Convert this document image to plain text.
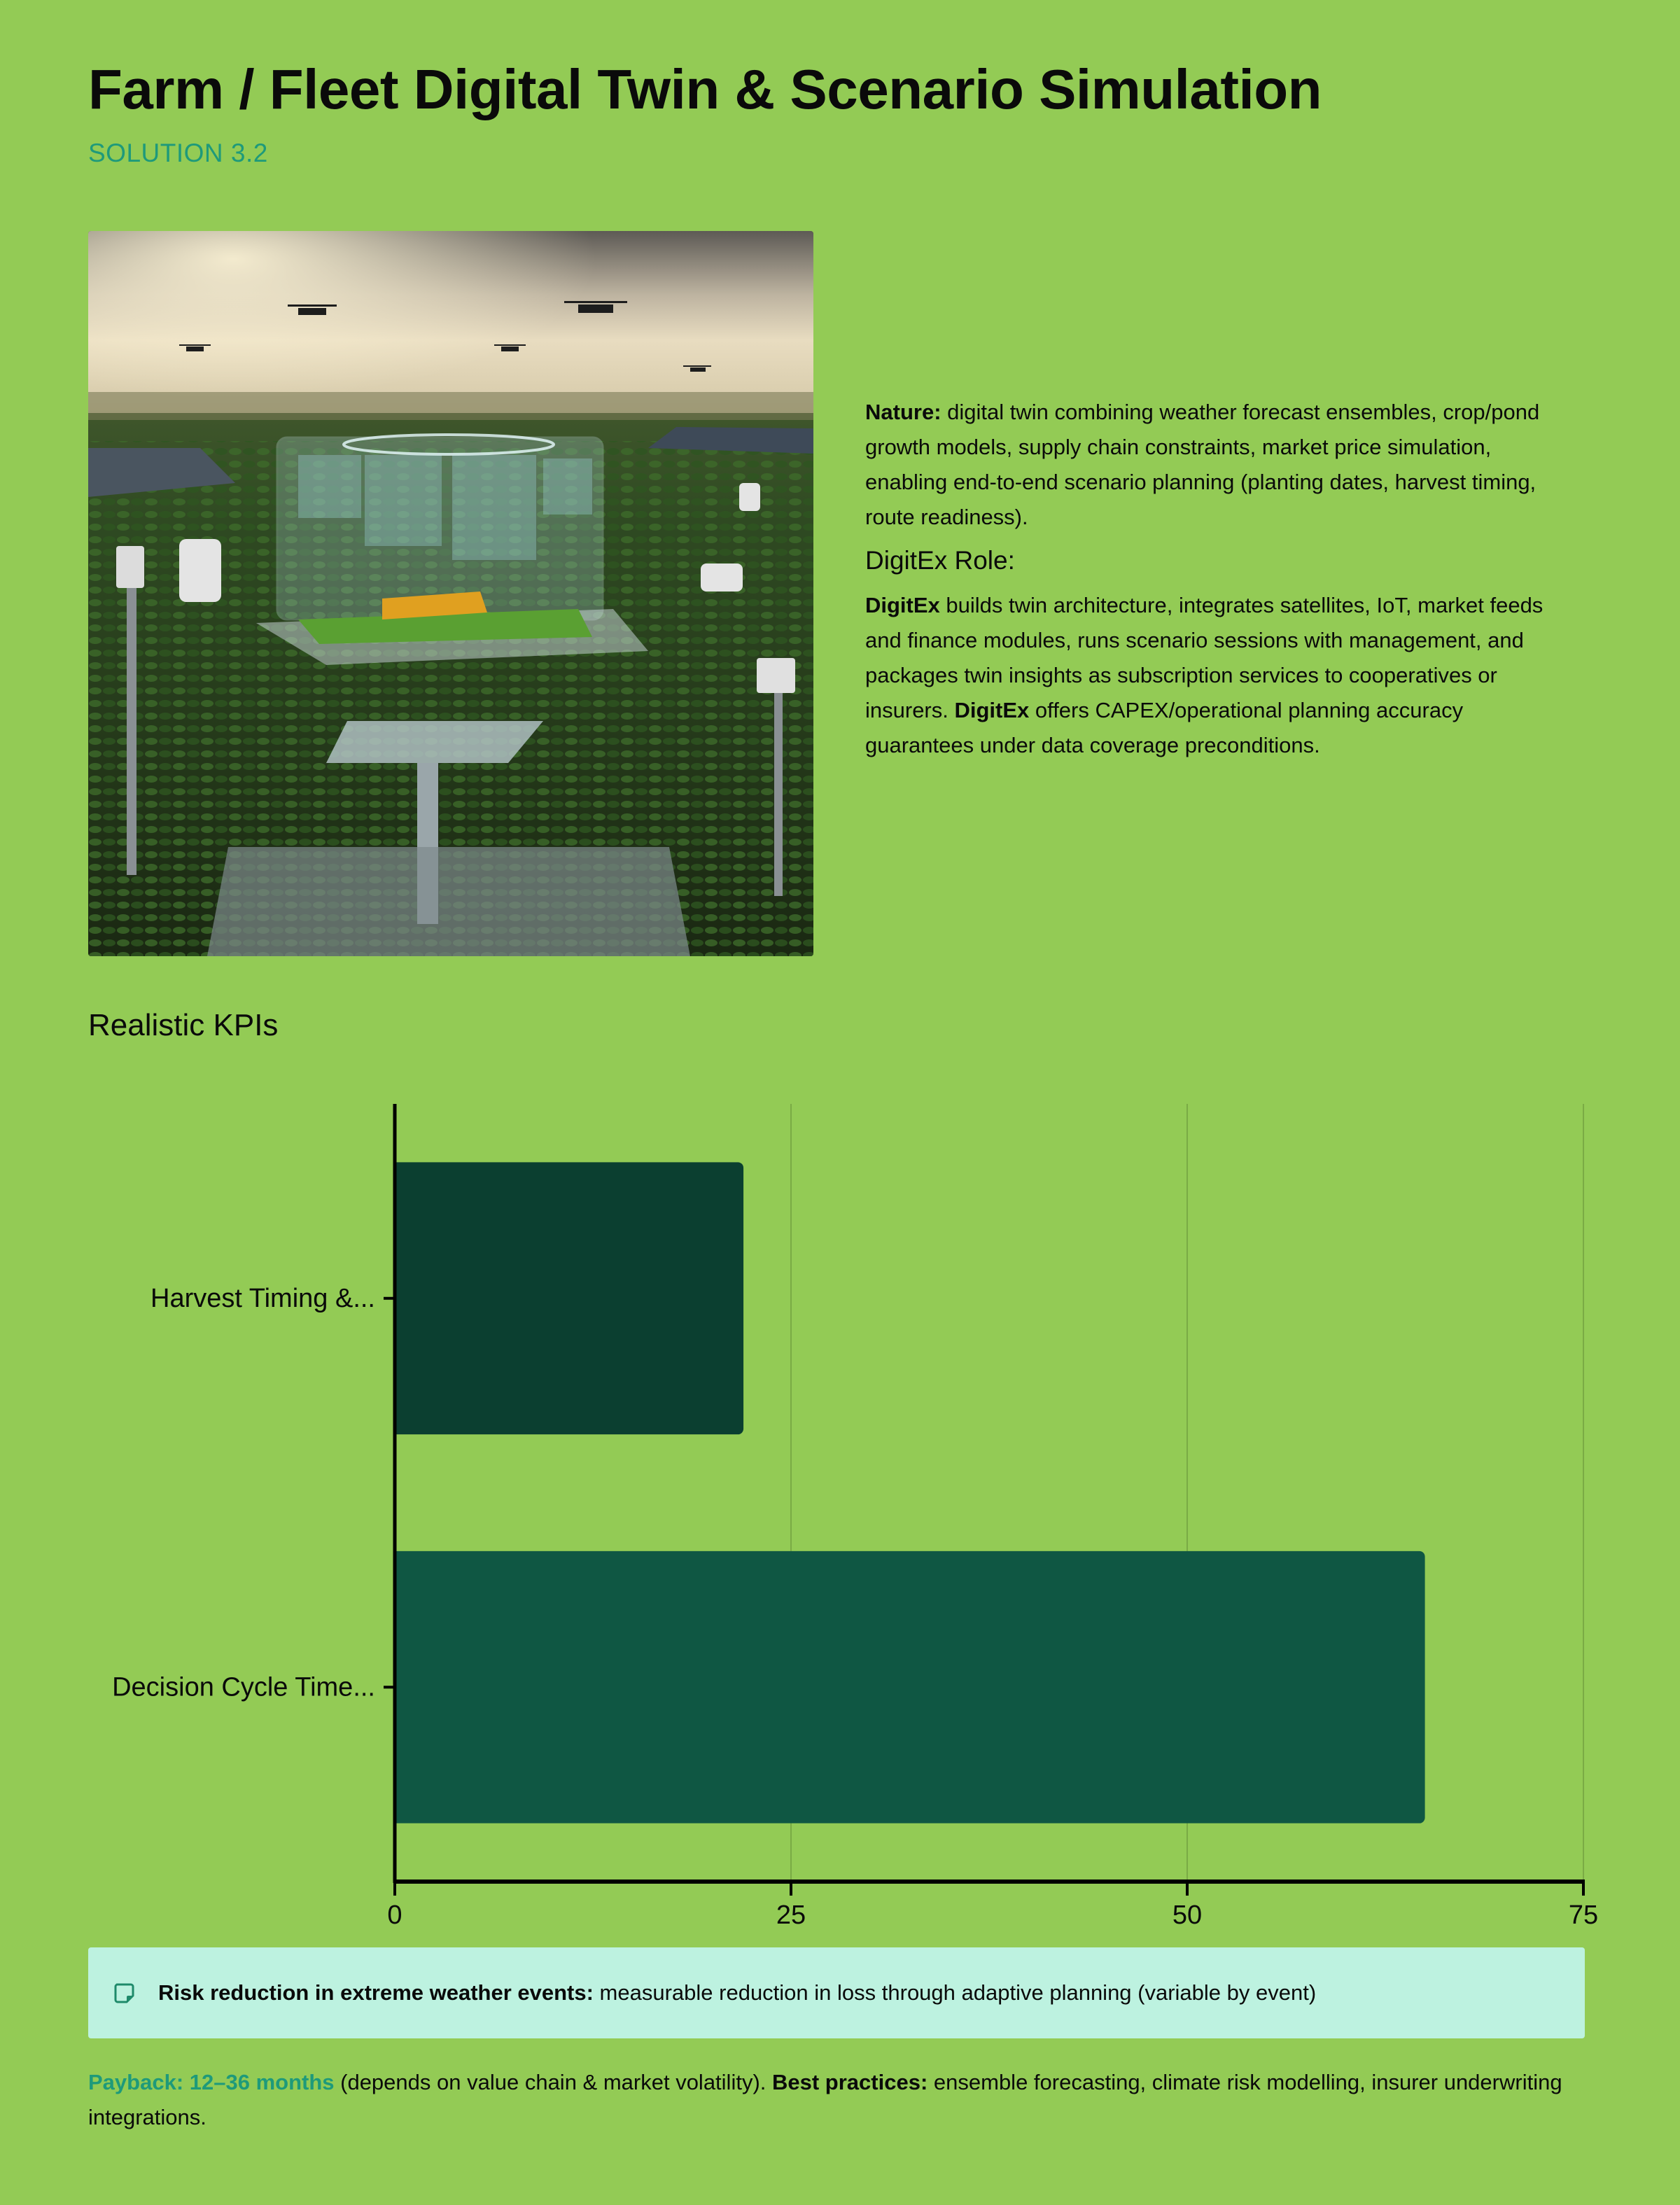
Farm / Fleet Digital Twin & Scenario Simulation
SOLUTION 3.2

Nature: digital twin combining weather forecast ensembles, crop/pond growth models, supply chain constraints, market price simulation, enabling end-to-end scenario planning (planting dates, harvest timing, route readiness).

DigitEx Role:

DigitEx builds twin architecture, integrates satellites, IoT, market feeds and finance modules, runs scenario sessions with management, and packages twin insights as subscription services to cooperatives or insurers. DigitEx offers CAPEX/operational planning accuracy guarantees under data coverage preconditions.

Realistic KPIs
Harvest Timing &...
Decision Cycle Time...
0	25	50	75
Risk reduction in extreme weather events: measurable reduction in loss through adaptive planning (variable by event)
Payback: 12–36 months (depends on value chain & market volatility). Best practices: ensemble forecasting, climate risk modelling, insurer underwriting integrations.
